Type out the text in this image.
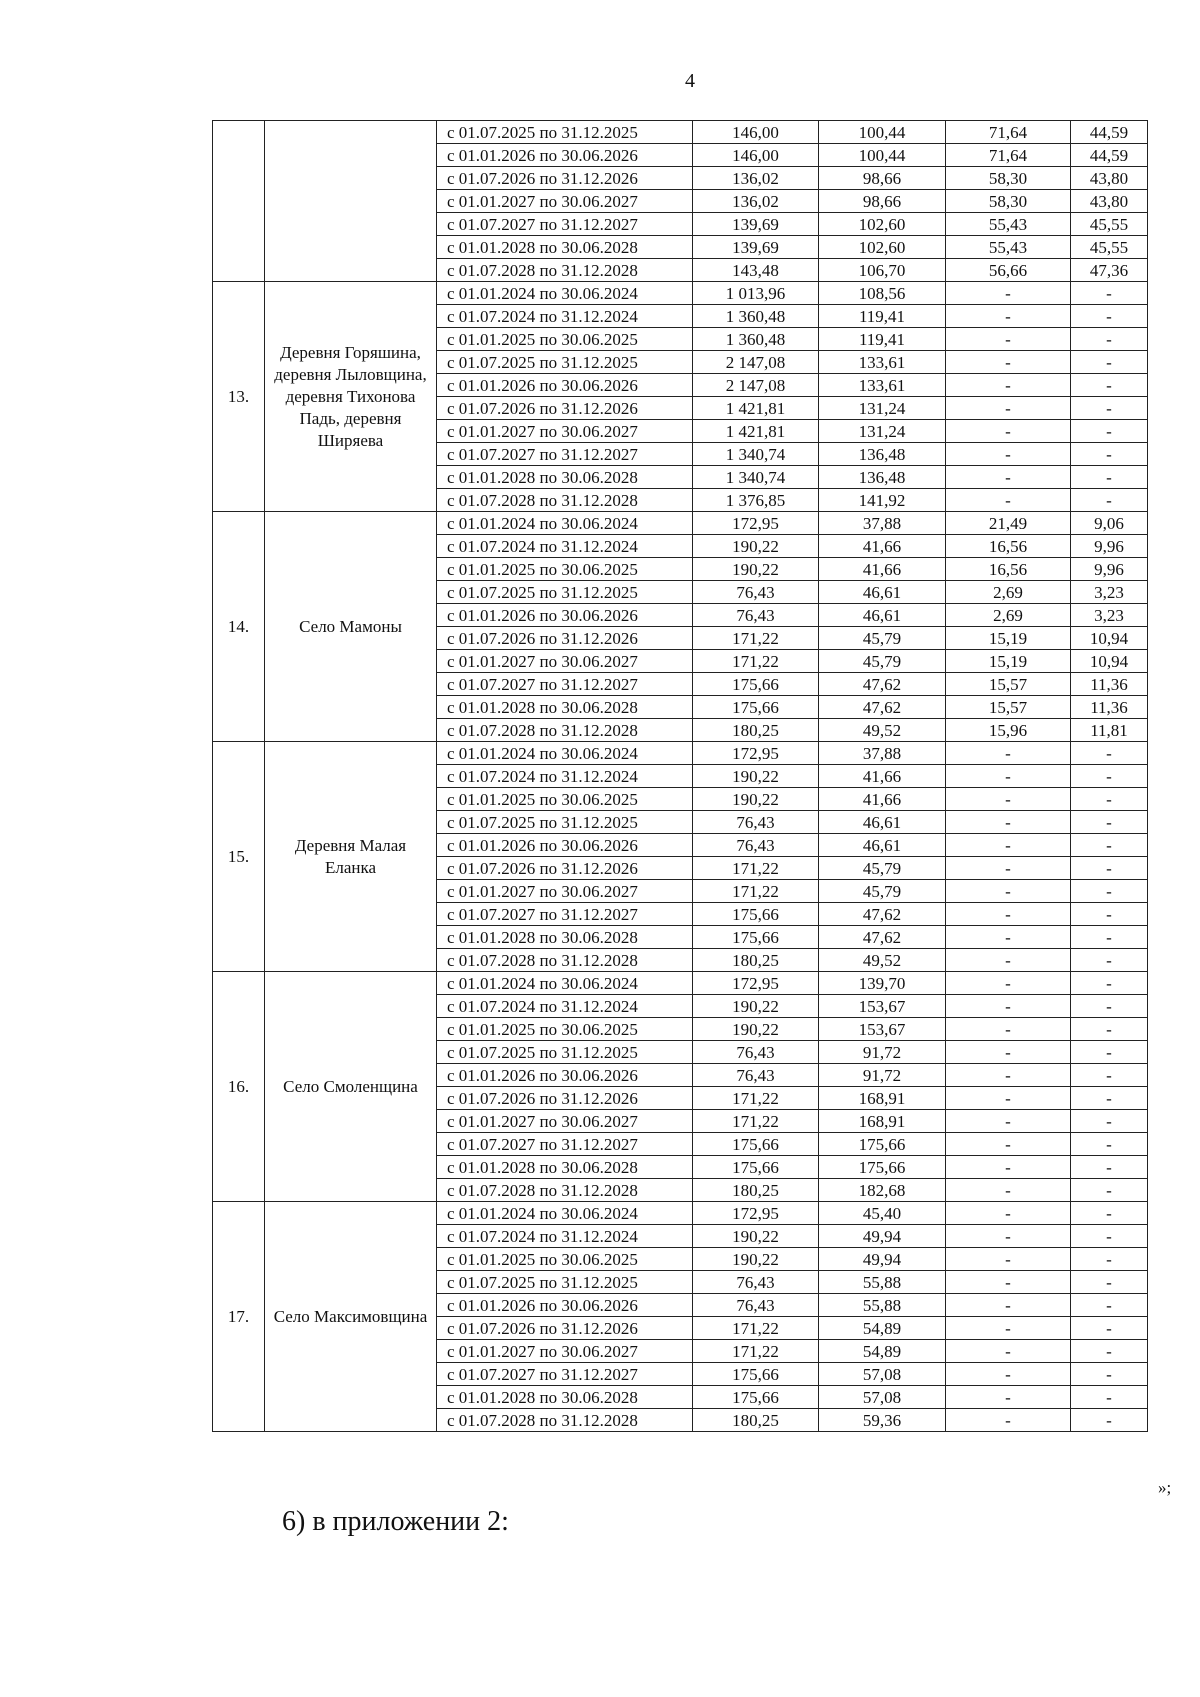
4
		с 01.07.2025 по 31.12.2025	146,00	100,44	71,64	44,59
		с 01.01.2026 по 30.06.2026	146,00	100,44	71,64	44,59
		с 01.07.2026 по 31.12.2026	136,02	98,66	58,30	43,80
		с 01.01.2027 по 30.06.2027	136,02	98,66	58,30	43,80
		с 01.07.2027 по 31.12.2027	139,69	102,60	55,43	45,55
		с 01.01.2028 по 30.06.2028	139,69	102,60	55,43	45,55
		с 01.07.2028 по 31.12.2028	143,48	106,70	56,66	47,36
13.	Деревня Горяшина, деревня Лыловщина, деревня Тихонова Падь, деревня Ширяева	с 01.01.2024 по 30.06.2024	1 013,96	108,56	-	-
		с 01.07.2024 по 31.12.2024	1 360,48	119,41	-	-
		с 01.01.2025 по 30.06.2025	1 360,48	119,41	-	-
		с 01.07.2025 по 31.12.2025	2 147,08	133,61	-	-
		с 01.01.2026 по 30.06.2026	2 147,08	133,61	-	-
		с 01.07.2026 по 31.12.2026	1 421,81	131,24	-	-
		с 01.01.2027 по 30.06.2027	1 421,81	131,24	-	-
		с 01.07.2027 по 31.12.2027	1 340,74	136,48	-	-
		с 01.01.2028 по 30.06.2028	1 340,74	136,48	-	-
		с 01.07.2028 по 31.12.2028	1 376,85	141,92	-	-
14.	Село Мамоны	с 01.01.2024 по 30.06.2024	172,95	37,88	21,49	9,06
		с 01.07.2024 по 31.12.2024	190,22	41,66	16,56	9,96
		с 01.01.2025 по 30.06.2025	190,22	41,66	16,56	9,96
		с 01.07.2025 по 31.12.2025	76,43	46,61	2,69	3,23
		с 01.01.2026 по 30.06.2026	76,43	46,61	2,69	3,23
		с 01.07.2026 по 31.12.2026	171,22	45,79	15,19	10,94
		с 01.01.2027 по 30.06.2027	171,22	45,79	15,19	10,94
		с 01.07.2027 по 31.12.2027	175,66	47,62	15,57	11,36
		с 01.01.2028 по 30.06.2028	175,66	47,62	15,57	11,36
		с 01.07.2028 по 31.12.2028	180,25	49,52	15,96	11,81
15.	Деревня Малая Еланка	с 01.01.2024 по 30.06.2024	172,95	37,88	-	-
		с 01.07.2024 по 31.12.2024	190,22	41,66	-	-
		с 01.01.2025 по 30.06.2025	190,22	41,66	-	-
		с 01.07.2025 по 31.12.2025	76,43	46,61	-	-
		с 01.01.2026 по 30.06.2026	76,43	46,61	-	-
		с 01.07.2026 по 31.12.2026	171,22	45,79	-	-
		с 01.01.2027 по 30.06.2027	171,22	45,79	-	-
		с 01.07.2027 по 31.12.2027	175,66	47,62	-	-
		с 01.01.2028 по 30.06.2028	175,66	47,62	-	-
		с 01.07.2028 по 31.12.2028	180,25	49,52	-	-
16.	Село Смоленщина	с 01.01.2024 по 30.06.2024	172,95	139,70	-	-
		с 01.07.2024 по 31.12.2024	190,22	153,67	-	-
		с 01.01.2025 по 30.06.2025	190,22	153,67	-	-
		с 01.07.2025 по 31.12.2025	76,43	91,72	-	-
		с 01.01.2026 по 30.06.2026	76,43	91,72	-	-
		с 01.07.2026 по 31.12.2026	171,22	168,91	-	-
		с 01.01.2027 по 30.06.2027	171,22	168,91	-	-
		с 01.07.2027 по 31.12.2027	175,66	175,66	-	-
		с 01.01.2028 по 30.06.2028	175,66	175,66	-	-
		с 01.07.2028 по 31.12.2028	180,25	182,68	-	-
17.	Село Максимовщина	с 01.01.2024 по 30.06.2024	172,95	45,40	-	-
		с 01.07.2024 по 31.12.2024	190,22	49,94	-	-
		с 01.01.2025 по 30.06.2025	190,22	49,94	-	-
		с 01.07.2025 по 31.12.2025	76,43	55,88	-	-
		с 01.01.2026 по 30.06.2026	76,43	55,88	-	-
		с 01.07.2026 по 31.12.2026	171,22	54,89	-	-
		с 01.01.2027 по 30.06.2027	171,22	54,89	-	-
		с 01.07.2027 по 31.12.2027	175,66	57,08	-	-
		с 01.01.2028 по 30.06.2028	175,66	57,08	-	-
		с 01.07.2028 по 31.12.2028	180,25	59,36	-	-
»;
6) в приложении 2:
